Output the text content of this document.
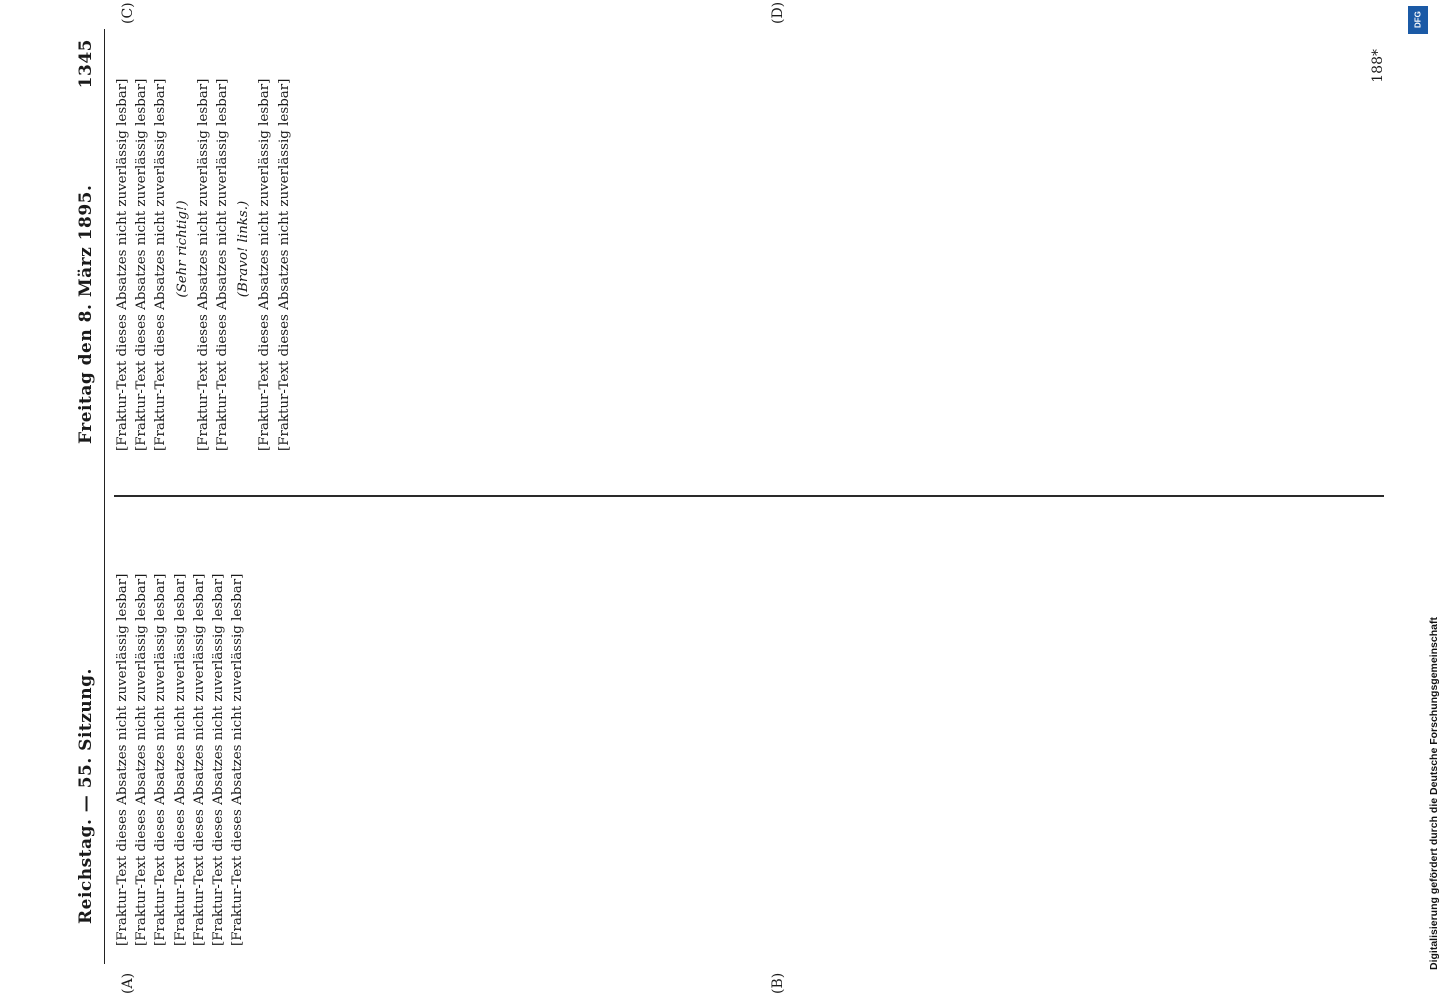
Reichstag. — 55. Sitzung.
Freitag den 8. März 1895.
1345

[Fraktur-Text dieses Absatzes nicht zuverlässig lesbar] [Fraktur-Text dieses Absatzes nicht zuverlässig lesbar] [Fraktur-Text dieses Absatzes nicht zuverlässig lesbar] [Fraktur-Text dieses Absatzes nicht zuverlässig lesbar] [Fraktur-Text dieses Absatzes nicht zuverlässig lesbar] [Fraktur-Text dieses Absatzes nicht zuverlässig lesbar] [Fraktur-Text dieses Absatzes nicht zuverlässig lesbar]

[Fraktur-Text dieses Absatzes nicht zuverlässig lesbar] [Fraktur-Text dieses Absatzes nicht zuverlässig lesbar] [Fraktur-Text dieses Absatzes nicht zuverlässig lesbar] (Sehr richtig!) [Fraktur-Text dieses Absatzes nicht zuverlässig lesbar] [Fraktur-Text dieses Absatzes nicht zuverlässig lesbar] (Bravo! links.) [Fraktur-Text dieses Absatzes nicht zuverlässig lesbar] [Fraktur-Text dieses Absatzes nicht zuverlässig lesbar]

(A)	(B)
(C)	(D)
188*
DFG
Digitalisierung gefördert durch die Deutsche Forschungsgemeinschaft
